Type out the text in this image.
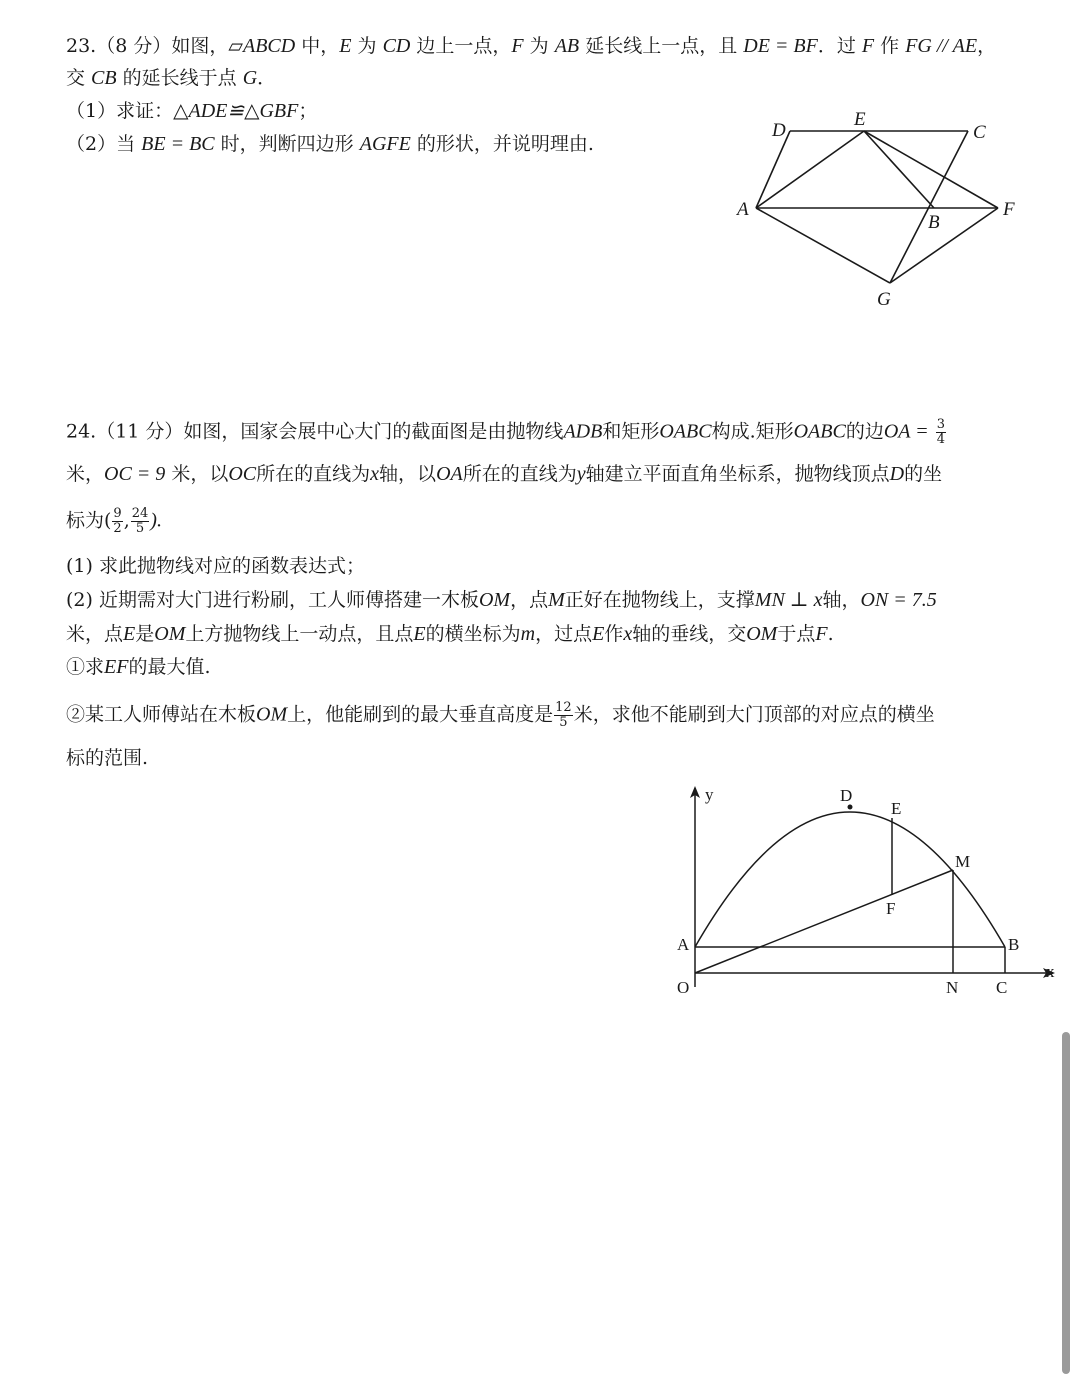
23.（8 分）如图，▱ABCD 中，E 为 CD 边上一点，F 为 AB 延长线上一点，且 DE = BF．过 F 作 FG // AE，
交 CB 的延长线于点 G．
（1）求证：△ADE≌△GBF；
（2）当 BE = BC 时，判断四边形 AGFE 的形状，并说明理由.
D
E
C
A
B
F
G
24.（11 分）如图，国家会展中心大门的截面图是由抛物线ADB和矩形OABC构成.矩形OABC的边OA = $\frac{3}{4}$
米，OC = 9 米，以OC所在的直线为x轴，以OA所在的直线为y轴建立平面直角坐标系，抛物线顶点D的坐
标为( $\frac{9}{2}$ , $\frac{24}{5}$ ).
(1) 求此抛物线对应的函数表达式；
(2) 近期需对大门进行粉刷，工人师傅搭建一木板OM，点M正好在抛物线上，支撑MN ⊥ x轴，ON = 7.5
米，点E是OM上方抛物线上一动点，且点E的横坐标为m，过点E作x轴的垂线，交OM于点F.
①求EF的最大值.
②某工人师傅站在木板OM上，他能刷到的最大垂直高度是 $\frac{12}{5}$ 米，求他不能刷到大门顶部的对应点的横坐
标的范围.
y
x
O
A	B
C
D
E
F
M
N
